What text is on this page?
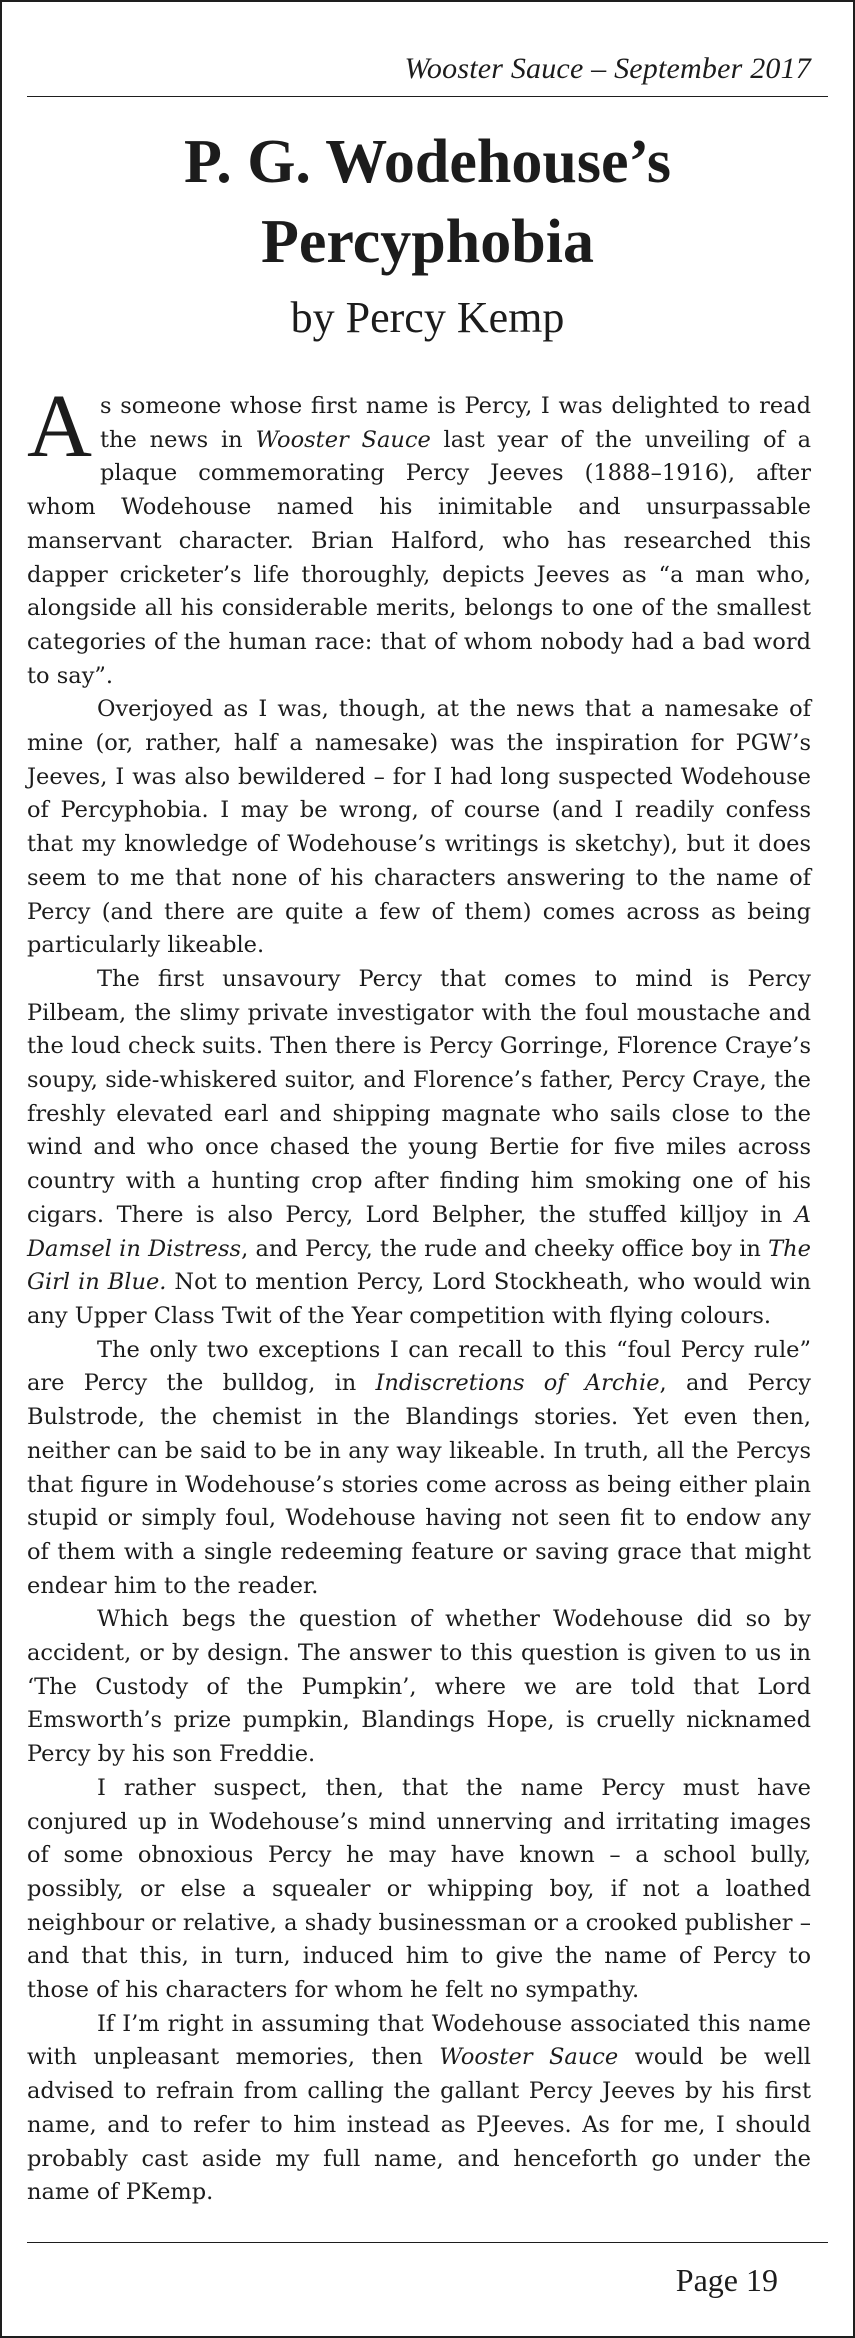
Wooster Sauce – September 2017
P. G. Wodehouse’s
Percyphobia
by Percy Kemp

As someone whose first name is Percy, I was delighted to read the news in Wooster Sauce last year of the unveiling of a plaque commemorating Percy Jeeves (1888–1916), after whom Wodehouse named his inimitable and unsurpassable manservant character. Brian Halford, who has researched this dapper cricketer’s life thoroughly, depicts Jeeves as “a man who, alongside all his considerable merits, belongs to one of the smallest categories of the human race: that of whom nobody had a bad word to say”.

Overjoyed as I was, though, at the news that a namesake of mine (or, rather, half a namesake) was the inspiration for PGW’s Jeeves, I was also bewildered – for I had long suspected Wodehouse of Percyphobia. I may be wrong, of course (and I readily confess that my knowledge of Wodehouse’s writings is sketchy), but it does seem to me that none of his characters answering to the name of Percy (and there are quite a few of them) comes across as being particularly likeable.

The first unsavoury Percy that comes to mind is Percy Pilbeam, the slimy private investigator with the foul moustache and the loud check suits. Then there is Percy Gorringe, Florence Craye’s soupy, side-whiskered suitor, and Florence’s father, Percy Craye, the freshly elevated earl and shipping magnate who sails close to the wind and who once chased the young Bertie for five miles across country with a hunting crop after finding him smoking one of his cigars. There is also Percy, Lord Belpher, the stuffed killjoy in A Damsel in Distress, and Percy, the rude and cheeky office boy in The Girl in Blue. Not to mention Percy, Lord Stockheath, who would win any Upper Class Twit of the Year competition with flying colours.

The only two exceptions I can recall to this “foul Percy rule” are Percy the bulldog, in Indiscretions of Archie, and Percy Bulstrode, the chemist in the Blandings stories. Yet even then, neither can be said to be in any way likeable. In truth, all the Percys that figure in Wodehouse’s stories come across as being either plain stupid or simply foul, Wodehouse having not seen fit to endow any of them with a single redeeming feature or saving grace that might endear him to the reader.

Which begs the question of whether Wodehouse did so by accident, or by design. The answer to this question is given to us in ‘The Custody of the Pumpkin’, where we are told that Lord Emsworth’s prize pumpkin, Blandings Hope, is cruelly nicknamed Percy by his son Freddie.

I rather suspect, then, that the name Percy must have conjured up in Wodehouse’s mind unnerving and irritating images of some obnoxious Percy he may have known – a school bully, possibly, or else a squealer or whipping boy, if not a loathed neighbour or relative, a shady businessman or a crooked publisher – and that this, in turn, induced him to give the name of Percy to those of his characters for whom he felt no sympathy.

If I’m right in assuming that Wodehouse associated this name with unpleasant memories, then Wooster Sauce would be well advised to refrain from calling the gallant Percy Jeeves by his first name, and to refer to him instead as PJeeves. As for me, I should probably cast aside my full name, and henceforth go under the name of PKemp.

Page 19
